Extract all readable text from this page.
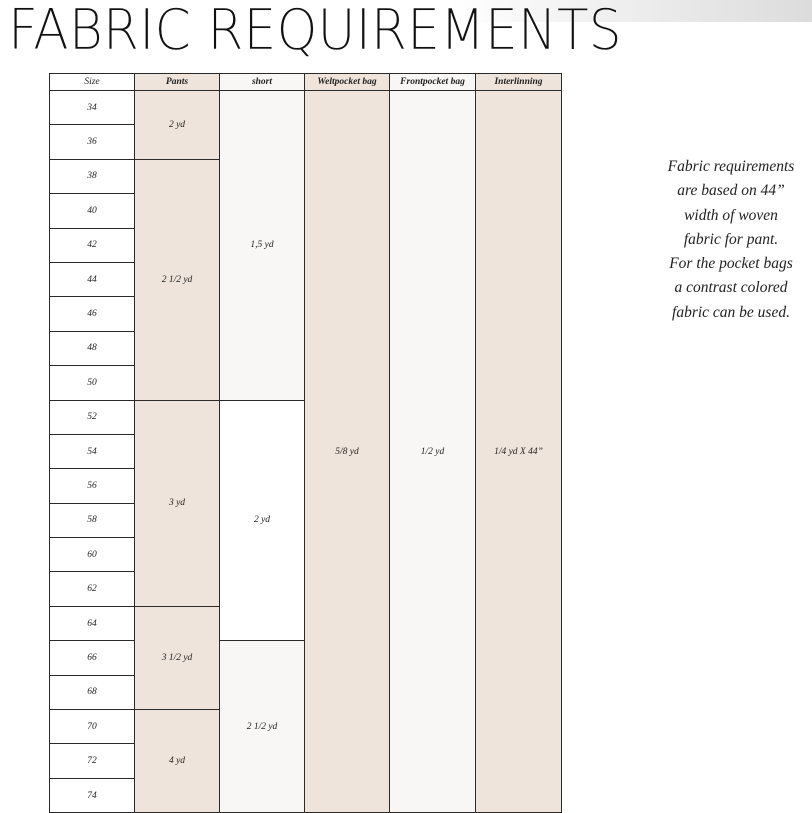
FABRIC REQUIREMENTS
Size	Pants	short	Weltpocket bag	Frontpocket bag	Interlinning
34	2 yd	1,5 yd	5/8 yd	1/2 yd	1/4 yd X 44”
36					
38	2 1/2 yd				
40					
42					
44					
46					
48					
50					
52	3 yd	2 yd			
54					
56					
58					
60					
62					
64	3 1/2 yd				
66		2 1/2 yd			
68					
70	4 yd				
72					
74					
Fabric requirements
are based on 44”
width of woven
fabric for pant.
For the pocket bags
a contrast colored
fabric can be used.
